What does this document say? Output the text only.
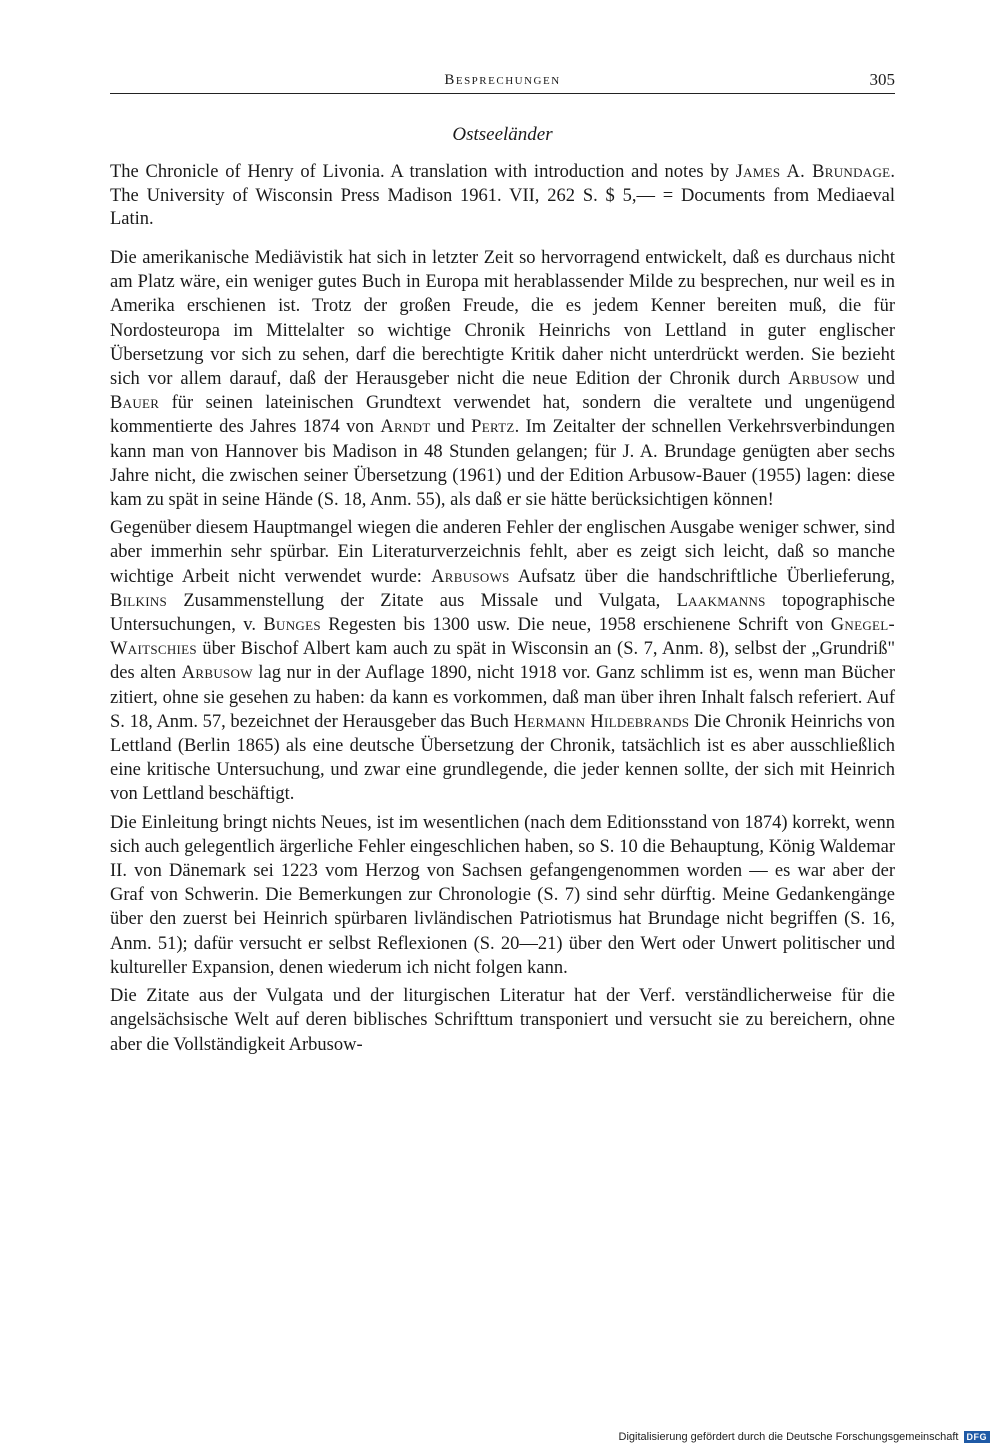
Besprechungen	305
Ostseeländer
The Chronicle of Henry of Livonia. A translation with introduction and notes by James A. Brundage. The University of Wisconsin Press Madison 1961. VII, 262 S. $ 5,— = Documents from Mediaeval Latin.

Die amerikanische Mediävistik hat sich in letzter Zeit so hervorragend entwickelt, daß es durchaus nicht am Platz wäre, ein weniger gutes Buch in Europa mit herablassender Milde zu besprechen, nur weil es in Amerika erschienen ist. Trotz der großen Freude, die es jedem Kenner bereiten muß, die für Nordosteuropa im Mittelalter so wichtige Chronik Heinrichs von Lettland in guter englischer Übersetzung vor sich zu sehen, darf die berechtigte Kritik daher nicht unterdrückt werden. Sie bezieht sich vor allem darauf, daß der Herausgeber nicht die neue Edition der Chronik durch Arbusow und Bauer für seinen lateinischen Grundtext verwendet hat, sondern die veraltete und ungenügend kommentierte des Jahres 1874 von Arndt und Pertz. Im Zeitalter der schnellen Verkehrsverbindungen kann man von Hannover bis Madison in 48 Stunden gelangen; für J. A. Brundage genügten aber sechs Jahre nicht, die zwischen seiner Übersetzung (1961) und der Edition Arbusow-Bauer (1955) lagen: diese kam zu spät in seine Hände (S. 18, Anm. 55), als daß er sie hätte berücksichtigen können!

Gegenüber diesem Hauptmangel wiegen die anderen Fehler der englischen Ausgabe weniger schwer, sind aber immerhin sehr spürbar. Ein Literaturverzeichnis fehlt, aber es zeigt sich leicht, daß so manche wichtige Arbeit nicht verwendet wurde: Arbusows Aufsatz über die handschriftliche Überlieferung, Bilkins Zusammenstellung der Zitate aus Missale und Vulgata, Laakmanns topographische Untersuchungen, v. Bunges Regesten bis 1300 usw. Die neue, 1958 erschienene Schrift von Gnegel-Waitschies über Bischof Albert kam auch zu spät in Wisconsin an (S. 7, Anm. 8), selbst der „Grundriß" des alten Arbusow lag nur in der Auflage 1890, nicht 1918 vor. Ganz schlimm ist es, wenn man Bücher zitiert, ohne sie gesehen zu haben: da kann es vorkommen, daß man über ihren Inhalt falsch referiert. Auf S. 18, Anm. 57, bezeichnet der Herausgeber das Buch Hermann Hildebrands Die Chronik Heinrichs von Lettland (Berlin 1865) als eine deutsche Übersetzung der Chronik, tatsächlich ist es aber ausschließlich eine kritische Untersuchung, und zwar eine grundlegende, die jeder kennen sollte, der sich mit Heinrich von Lettland beschäftigt.

Die Einleitung bringt nichts Neues, ist im wesentlichen (nach dem Editionsstand von 1874) korrekt, wenn sich auch gelegentlich ärgerliche Fehler eingeschlichen haben, so S. 10 die Behauptung, König Waldemar II. von Dänemark sei 1223 vom Herzog von Sachsen gefangengenommen worden — es war aber der Graf von Schwerin. Die Bemerkungen zur Chronologie (S. 7) sind sehr dürftig. Meine Gedankengänge über den zuerst bei Heinrich spürbaren livländischen Patriotismus hat Brundage nicht begriffen (S. 16, Anm. 51); dafür versucht er selbst Reflexionen (S. 20—21) über den Wert oder Unwert politischer und kultureller Expansion, denen wiederum ich nicht folgen kann.

Die Zitate aus der Vulgata und der liturgischen Literatur hat der Verf. verständlicherweise für die angelsächsische Welt auf deren biblisches Schrifttum transponiert und versucht sie zu bereichern, ohne aber die Vollständigkeit Arbusow-

Digitalisierung gefördert durch die Deutsche Forschungsgemeinschaft DFG
